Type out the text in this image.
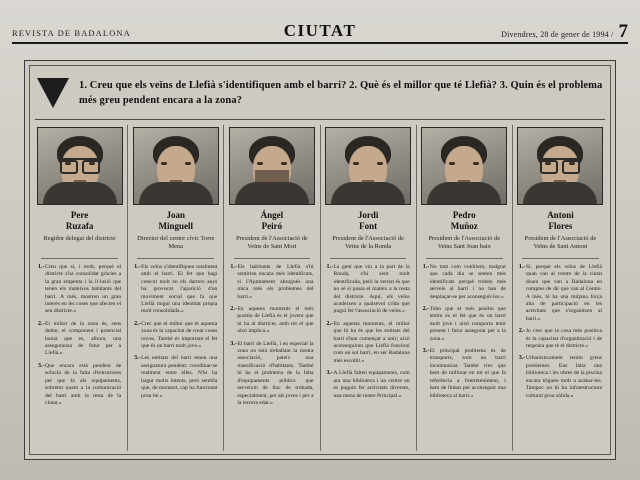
REVISTA DE BADALONA	CIUTAT	Divendres, 28 de gener de 1994 / 7
1. Creu que els veïns de Llefià s'identifiquen amb el barri? 2. Què és el millor que té Llefià? 3. Quin és el problema més greu pendent encara a la zona?
Pere
Ruzafa
Regidor delegat del districte
1.- Creu que sí, i molt, perquè el districte s'ha consolidat gràcies a la gran empenta i la il·lusió que tenen els mateixos habitants del barri. A més, mostren un gran interès en les coses que afecten el seu districte.»
2.- El millor de la zona és, sens dubte, el component i potencial humà que es, alhora, una asseguranza de futur per a Llefià.»
3.- Que encara està pendent de solució de la falta d'estructures pel que fa als equipaments, sobretot quant a la comunicació del barri amb la resta de la ciutat.»
Joan
Minguell
Director del centre cívic Torre Mena
1.- Els veïns s'identifiquen totalment amb el barri. El fet que hagi crescut molt en els darrers anys ha provocat l'aparició d'un moviment social que fa que Llefià tingui una identitat pròpia molt consolidada.»
2.- Crec que el millor que té aquesta zona és la capacitat de crear coses noves. També és important el fet que és un barri molt jove.»
3.- Les entitats del barri tenen una assignatura pendent: coordinar-se realment entre elles. N'hi ha hagut molts intents, però sembla que, de moment, cap ha funcionat prou bé.»
Ángel
Peiró
President de l'Associació de Veïns de Sant Mori
1.- Els habitants de Llefià s'hi sentirien encara més identificats, si l'Ajuntament abrogués una mica més els problemes del barri.»
2.- En aquests moments el més positiu de Llefià és el jovent que hi ha al districte, amb tot el que això implica.»
3.- El barri de Llefià, i en especial la zona on està treballant la nostra associació, pateix una massificació d'habitants. També hi ha el problema de la falta d'equipaments públics que serveixin de lloc de trobada, especialment, per als joves i per a la tercera edat.»
Jordi
Font
President de l'Associació de Veïns de la Ronda
1.- La gent que viu a la part de la Ronda, s'hi sent molt identificada, però la veritat és que no sé si passa el mateix a la resta del districte. Aquí, els veïns acudeixen a qualsevol crida que pugui fer l'associació de veïns.»
2.- En aquests moments, el millor que hi ha és que les entitats del barri s'han començat a unir; això aconseguiran que Llefià funcioni com un sol barri, en ser Badalona més escollit.»
3.- A Llefià falten equipaments, com ara una biblioteca i un centre on es puguin fer activitats diverses, una mena de teatre Principal.»
Pedro
Muñoz
President de l'Associació de Veïns Sant Joan baix
1.- No tant com voldríem, malgrat que cada dia se senten més identificats perquè troben més serveis al barri i no han de desplaçar-se per aconseguir-los.»
2.- Tobo que el més positiu que tenim és el fet que és un barri molt jove i això comporta tenir present i futur assegurat per a la zona.»
3.- El principal problema és de transports, som un barri incomunicat. També crec que hem de millorar en tot el que fa referència a l'entreteniment, i hem de lluitar per aconseguir una biblioteca al barri.»
Antoni
Flores
President de l'Associació de Veïns de Sant Antoni
1.- Si, perquè els veïns de Llefià quan van al centre de la ciutat diuen que van a Badalona en comptes de dir que van al Centre. A més, hi ha una mitjana força alta de participació en les activitats que s'organitzen al barri.»
2.- Jo crec que la cosa més positiva és la capacitat d'organització i de resposta que té el districte.»
3.- Urbanísticament tenim greus problemes. Ens falta una biblioteca i les obres de la piscina encara triguen molt a acabar-les. Tampoc no hi ha infraestructura cultural prou sòlida.»
